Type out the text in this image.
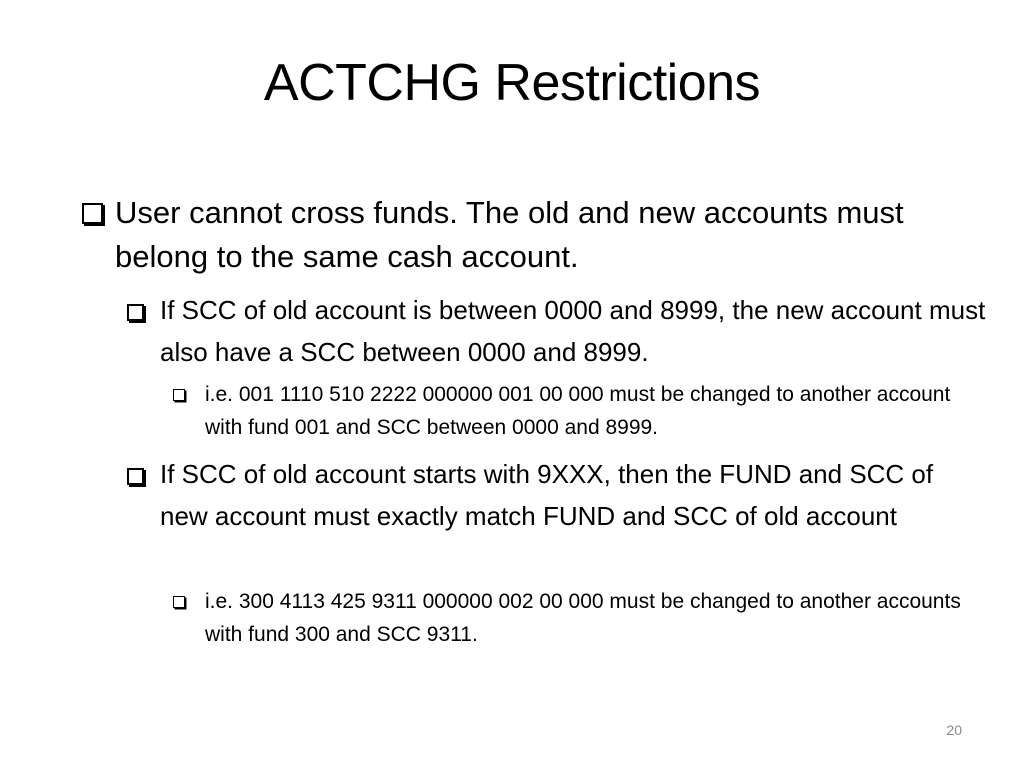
ACTCHG Restrictions
User cannot cross funds. The old and new accounts must belong to the same cash account.
If SCC of old account is between 0000 and 8999, the new account must also have a SCC between 0000 and 8999.
i.e. 001 1110 510 2222 000000 001 00 000 must be changed to another account with fund 001 and SCC between 0000 and 8999.
If SCC of old account starts with 9XXX, then the FUND and SCC of new account must exactly match FUND and SCC of old account
i.e. 300 4113 425 9311 000000 002 00 000 must be changed to another accounts with fund 300 and SCC 9311.
20
